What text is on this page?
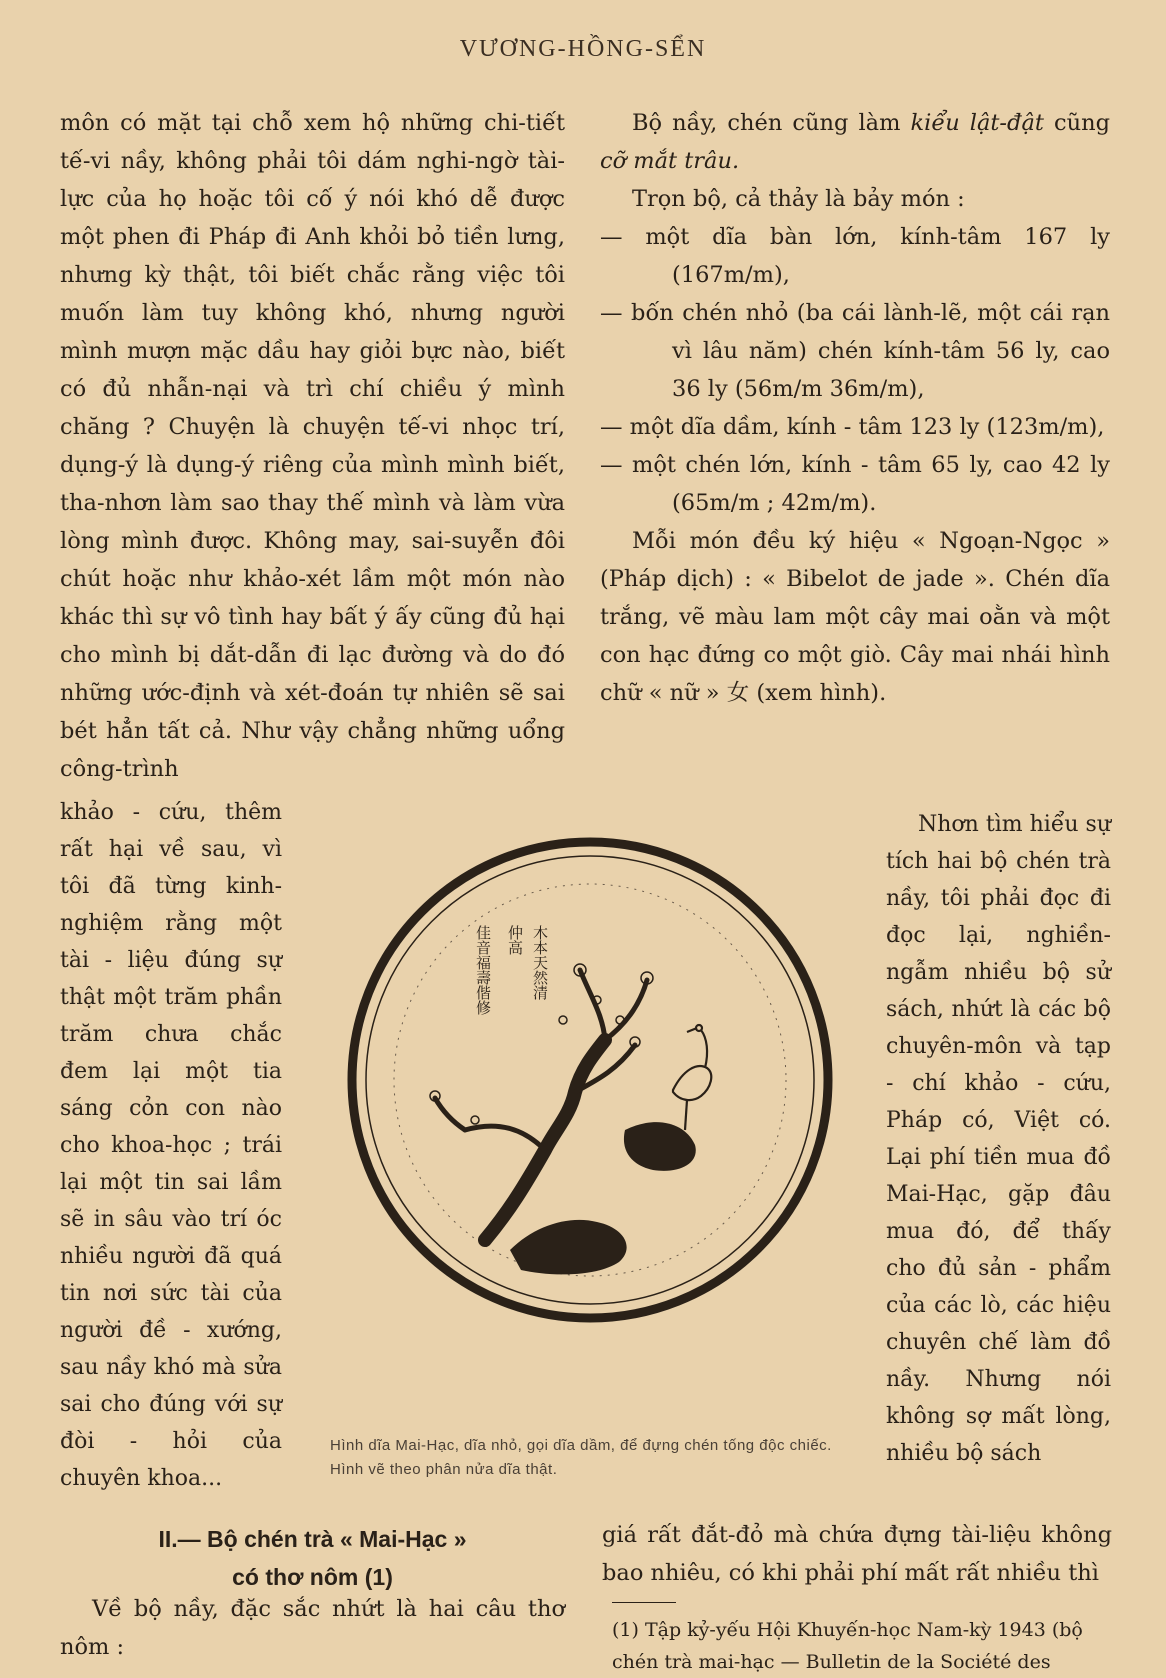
VƯƠNG-HỒNG-SỂN

môn có mặt tại chỗ xem hộ những chi-tiết tế-vi nầy, không phải tôi dám nghi-ngờ tài-lực của họ hoặc tôi cố ý nói khó dễ được một phen đi Pháp đi Anh khỏi bỏ tiền lưng, nhưng kỳ thật, tôi biết chắc rằng việc tôi muốn làm tuy không khó, nhưng người mình mượn mặc dầu hay giỏi bực nào, biết có đủ nhẫn-nại và trì chí chiều ý mình chăng ? Chuyện là chuyện tế-vi nhọc trí, dụng-ý là dụng-ý riêng của mình mình biết, tha-nhơn làm sao thay thế mình và làm vừa lòng mình được. Không may, sai-suyễn đôi chút hoặc như khảo-xét lầm một món nào khác thì sự vô tình hay bất ý ấy cũng đủ hại cho mình bị dắt-dẫn đi lạc đường và do đó những ước-định và xét-đoán tự nhiên sẽ sai bét hẳn tất cả. Như vậy chẳng những uổng công-trình

Bộ nầy, chén cũng làm kiểu lật-đật cũng cỡ mắt trâu.

Trọn bộ, cả thảy là bảy món :

— một dĩa bàn lớn, kính-tâm 167 ly (167m/m),

— bốn chén nhỏ (ba cái lành-lẽ, một cái rạn vì lâu năm) chén kính-tâm 56 ly, cao 36 ly (56m/m 36m/m),

— một dĩa dầm, kính - tâm 123 ly (123m/m),

— một chén lớn, kính - tâm 65 ly, cao 42 ly (65m/m ; 42m/m).

Mỗi món đều ký hiệu « Ngoạn-Ngọc » (Pháp dịch) : « Bibelot de jade ». Chén dĩa trắng, vẽ màu lam một cây mai oằn và một con hạc đứng co một giò. Cây mai nhái hình chữ « nữ » 女 (xem hình).

khảo - cứu, thêm rất hại về sau, vì tôi đã từng kinh-nghiệm rằng một tài - liệu đúng sự thật một trăm phần trăm chưa chắc đem lại một tia sáng cỏn con nào cho khoa-học ; trái lại một tin sai lầm sẽ in sâu vào trí óc nhiều người đã quá tin nơi sức tài của người đề - xướng, sau nầy khó mà sửa sai cho đúng với sự đòi - hỏi của chuyên khoa...

木本天然清
仲高
佳音福壽偕修

Nhơn tìm hiểu sự tích hai bộ chén trà nầy, tôi phải đọc đi đọc lại, nghiền-ngẫm nhiều bộ sử sách, nhứt là các bộ chuyên-môn và tạp - chí khảo - cứu, Pháp có, Việt có. Lại phí tiền mua đồ Mai-Hạc, gặp đâu mua đó, để thấy cho đủ sản - phẩm của các lò, các hiệu chuyên chế làm đồ nầy. Nhưng nói không sợ mất lòng, nhiều bộ sách

Hình dĩa Mai-Hạc, dĩa nhỏ, gọi dĩa dầm, để đựng chén tống độc chiếc. Hình vẽ theo phân nửa dĩa thật.
II.— Bộ chén trà « Mai-Hạc »
có thơ nôm (1)

Về bộ nầy, đặc sắc nhứt là hai câu thơ nôm :

giá rất đắt-đỏ mà chứa đựng tài-liệu không bao nhiêu, có khi phải phí mất rất nhiều thì

(1) Tập kỷ-yếu Hội Khuyến-học Nam-kỳ 1943 (bộ chén trà mai-hạc — Bulletin de la Société des
